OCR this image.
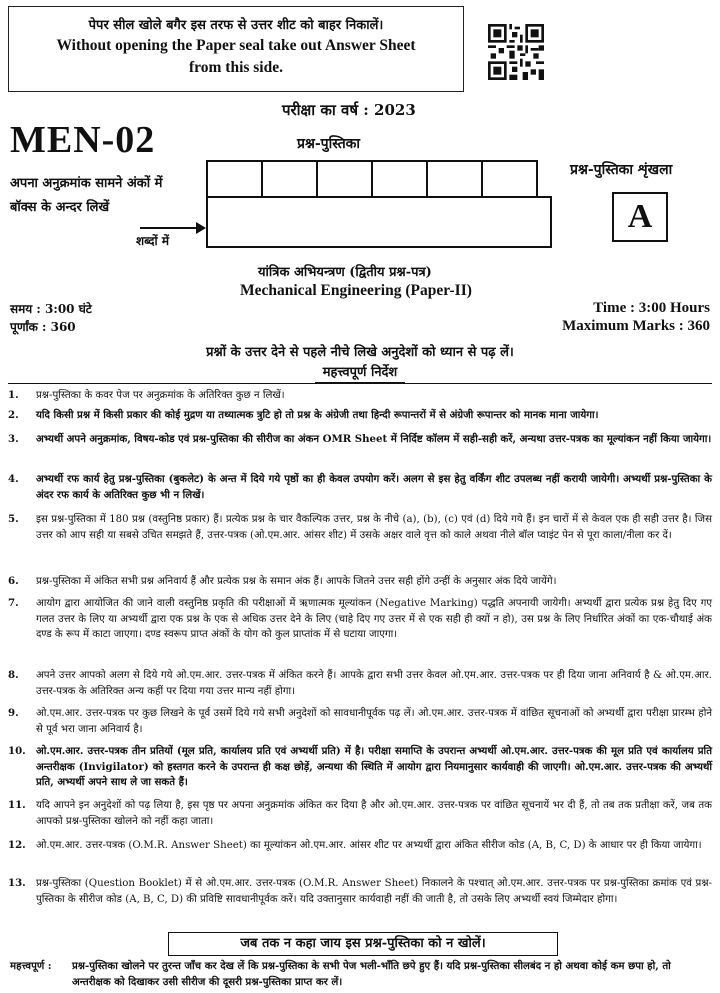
पेपर सील खोले बगैर इस तरफ से उत्तर शीट को बाहर निकालें।
Without opening the Paper seal take out Answer Sheet
from this side.
परीक्षा का वर्ष : 2023
MEN-02	प्रश्न-पुस्तिका
अपना अनुक्रमांक सामने अंकों में
बॉक्स के अन्दर लिखें
शब्दों में
प्रश्न-पुस्तिका शृंखला
A
यांत्रिक अभियन्त्रण (द्वितीय प्रश्न-पत्र)
Mechanical Engineering (Paper-II)
समय : 3:00 घंटे
पूर्णांक : 360
Time : 3:00 Hours
Maximum Marks : 360
प्रश्नों के उत्तर देने से पहले नीचे लिखे अनुदेशों को ध्यान से पढ़ लें।
महत्त्वपूर्ण निर्देश
1.	प्रश्न-पुस्तिका के कवर पेज पर अनुक्रमांक के अतिरिक्त कुछ न लिखें।
2.	यदि किसी प्रश्न में किसी प्रकार की कोई मुद्रण या तथ्यात्मक त्रुटि हो तो प्रश्न के अंग्रेजी तथा हिन्दी रूपान्तरों में से अंग्रेजी रूपान्तर को मानक माना जायेगा।
3.	अभ्यर्थी अपने अनुक्रमांक, विषय-कोड एवं प्रश्न-पुस्तिका की सीरीज का अंकन OMR Sheet में निर्दिष्ट कॉलम में सही-सही करें, अन्यथा उत्तर-पत्रक का मूल्यांकन नहीं किया जायेगा।
4.	अभ्यर्थी रफ कार्य हेतु प्रश्न-पुस्तिका (बुकलेट) के अन्त में दिये गये पृष्ठों का ही केवल उपयोग करें। अलग से इस हेतु वर्किंग शीट उपलब्ध नहीं करायी जायेगी। अभ्यर्थी प्रश्न-पुस्तिका के अंदर रफ कार्य के अतिरिक्त कुछ भी न लिखें।
5.	इस प्रश्न-पुस्तिका में 180 प्रश्न (वस्तुनिष्ठ प्रकार) हैं। प्रत्येक प्रश्न के चार वैकल्पिक उत्तर, प्रश्न के नीचे (a), (b), (c) एवं (d) दिये गये हैं। इन चारों में से केवल एक ही सही उत्तर है। जिस उत्तर को आप सही या सबसे उचित समझते हैं, उत्तर-पत्रक (ओ.एम.आर. आंसर शीट) में उसके अक्षर वाले वृत्त को काले अथवा नीले बॉल प्वाइंट पेन से पूरा काला/नीला कर दें।
6.	प्रश्न-पुस्तिका में अंकित सभी प्रश्न अनिवार्य हैं और प्रत्येक प्रश्न के समान अंक हैं। आपके जितने उत्तर सही होंगे उन्हीं के अनुसार अंक दिये जायेंगे।
7.	आयोग द्वारा आयोजित की जाने वाली वस्तुनिष्ठ प्रकृति की परीक्षाओं में ऋणात्मक मूल्यांकन (Negative Marking) पद्धति अपनायी जायेगी। अभ्यर्थी द्वारा प्रत्येक प्रश्न हेतु दिए गए गलत उत्तर के लिए या अभ्यर्थी द्वारा एक प्रश्न के एक से अधिक उत्तर देने के लिए (चाहे दिए गए उत्तर में से एक सही ही क्यों न हो), उस प्रश्न के लिए निर्धारित अंकों का एक-चौथाई अंक दण्ड के रूप में काटा जाएगा। दण्ड स्वरूप प्राप्त अंकों के योग को कुल प्राप्तांक में से घटाया जाएगा।
8.	अपने उत्तर आपको अलग से दिये गये ओ.एम.आर. उत्तर-पत्रक में अंकित करने हैं। आपके द्वारा सभी उत्तर केवल ओ.एम.आर. उत्तर-पत्रक पर ही दिया जाना अनिवार्य है & ओ.एम.आर. उत्तर-पत्रक के अतिरिक्त अन्य कहीं पर दिया गया उत्तर मान्य नहीं होगा।
9.	ओ.एम.आर. उत्तर-पत्रक पर कुछ लिखने के पूर्व उसमें दिये गये सभी अनुदेशों को सावधानीपूर्वक पढ़ लें। ओ.एम.आर. उत्तर-पत्रक में वांछित सूचनाओं को अभ्यर्थी द्वारा परीक्षा प्रारम्भ होने से पूर्व भरा जाना अनिवार्य है।
10.	ओ.एम.आर. उत्तर-पत्रक तीन प्रतियों (मूल प्रति, कार्यालय प्रति एवं अभ्यर्थी प्रति) में है। परीक्षा समाप्ति के उपरान्त अभ्यर्थी ओ.एम.आर. उत्तर-पत्रक की मूल प्रति एवं कार्यालय प्रति अन्तरीक्षक (Invigilator) को हस्तगत करने के उपरान्त ही कक्ष छोड़ें, अन्यथा की स्थिति में आयोग द्वारा नियमानुसार कार्यवाही की जाएगी। ओ.एम.आर. उत्तर-पत्रक की अभ्यर्थी प्रति, अभ्यर्थी अपने साथ ले जा सकते हैं।
11.	यदि आपने इन अनुदेशों को पढ़ लिया है, इस पृष्ठ पर अपना अनुक्रमांक अंकित कर दिया है और ओ.एम.आर. उत्तर-पत्रक पर वांछित सूचनायें भर दी हैं, तो तब तक प्रतीक्षा करें, जब तक आपको प्रश्न-पुस्तिका खोलने को नहीं कहा जाता।
12.	ओ.एम.आर. उत्तर-पत्रक (O.M.R. Answer Sheet) का मूल्यांकन ओ.एम.आर. आंसर शीट पर अभ्यर्थी द्वारा अंकित सीरीज कोड (A, B, C, D) के आधार पर ही किया जायेगा।
13.	प्रश्न-पुस्तिका (Question Booklet) में से ओ.एम.आर. उत्तर-पत्रक (O.M.R. Answer Sheet) निकालने के पश्चात् ओ.एम.आर. उत्तर-पत्रक पर प्रश्न-पुस्तिका क्रमांक एवं प्रश्न-पुस्तिका के सीरीज कोड (A, B, C, D) की प्रविष्टि सावधानीपूर्वक करें। यदि उक्तानुसार कार्यवाही नहीं की जाती है, तो उसके लिए अभ्यर्थी स्वयं जिम्मेदार होगा।
जब तक न कहा जाय इस प्रश्न-पुस्तिका को न खोलें।
महत्त्वपूर्ण : प्रश्न-पुस्तिका खोलने पर तुरन्त जाँच कर देख लें कि प्रश्न-पुस्तिका के सभी पेज भली-भाँति छपे हुए हैं। यदि प्रश्न-पुस्तिका सीलबंद न हो अथवा कोई कम छपा हो, तो अन्तरीक्षक को दिखाकर उसी सीरीज की दूसरी प्रश्न-पुस्तिका प्राप्त कर लें।
